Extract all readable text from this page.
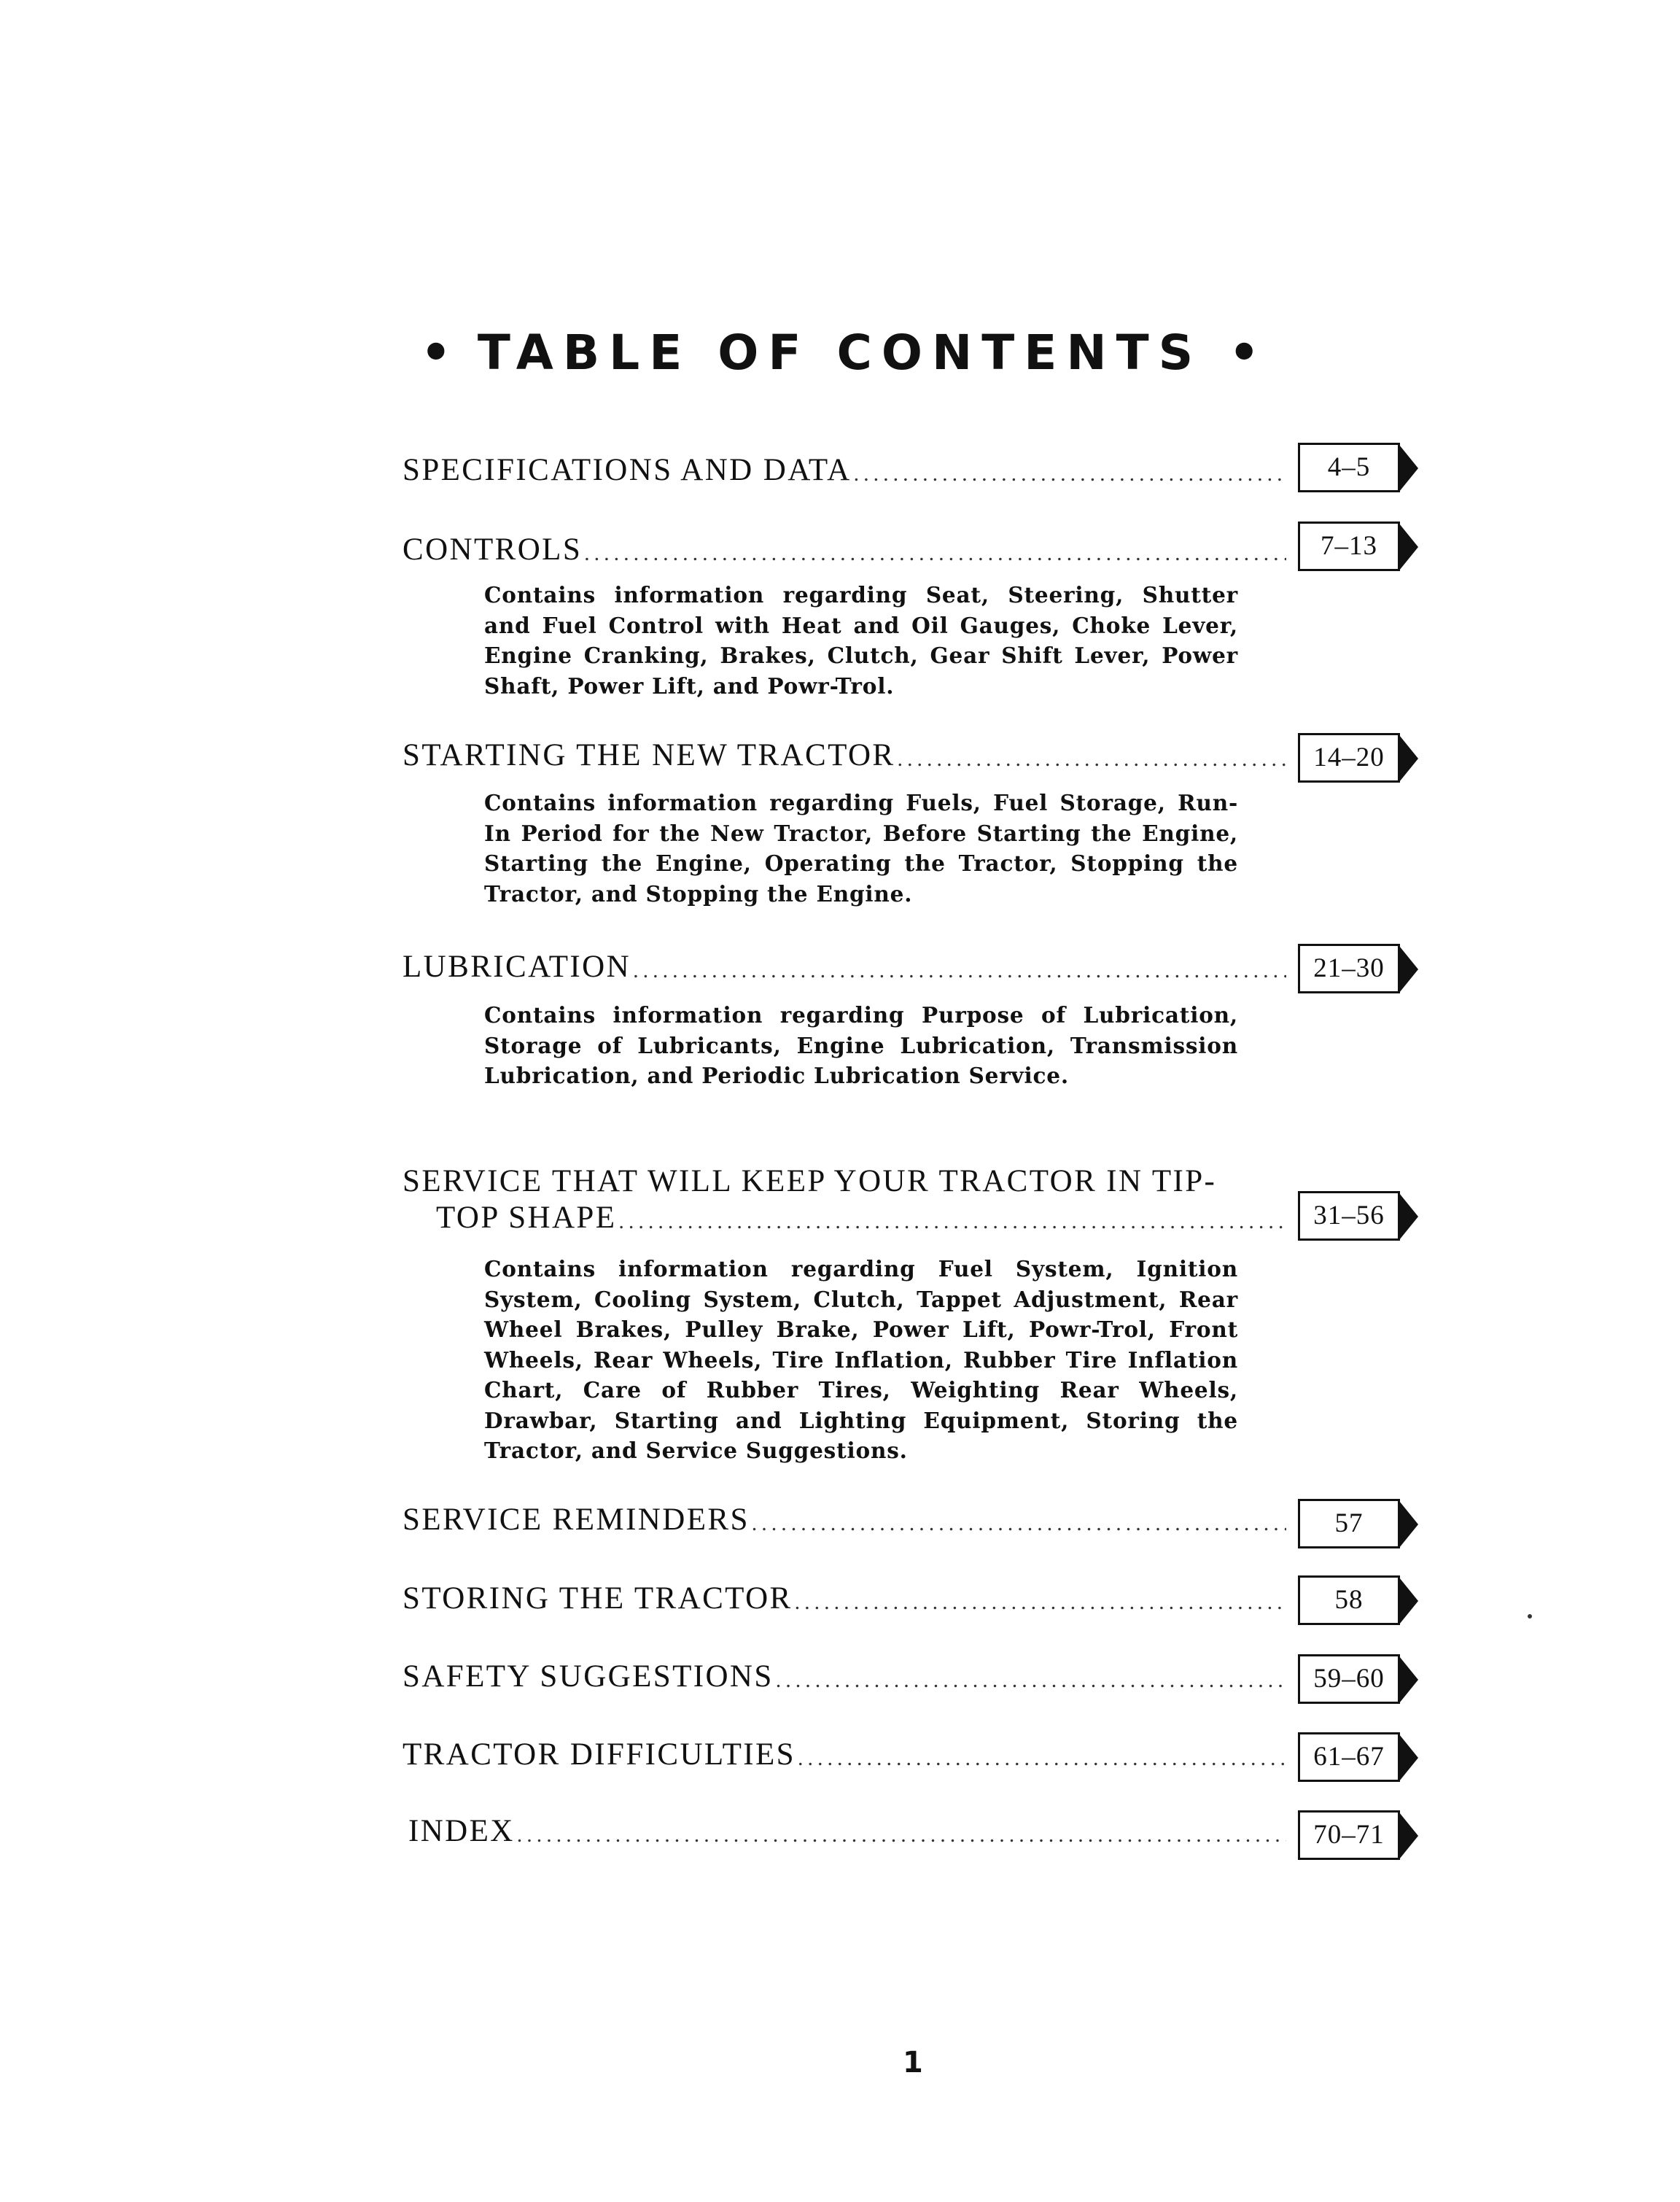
• TABLE OF CONTENTS •
SPECIFICATIONS AND DATA .....	4–5
CONTROLS .....	7–13
Contains information regarding Seat, Steering, Shutter and Fuel Control with Heat and Oil Gauges, Choke Lever, Engine Cranking, Brakes, Clutch, Gear Shift Lever, Power Shaft, Power Lift, and Powr-Trol.
STARTING THE NEW TRACTOR .....	14–20
Contains information regarding Fuels, Fuel Storage, Run-In Period for the New Tractor, Before Starting the Engine, Starting the Engine, Operating the Tractor, Stopping the Tractor, and Stopping the Engine.
LUBRICATION .....	21–30
Contains information regarding Purpose of Lubrication, Storage of Lubricants, Engine Lubrication, Transmission Lubrication, and Periodic Lubrication Service.
SERVICE THAT WILL KEEP YOUR TRACTOR IN TIP-
TOP SHAPE .....	31–56
Contains information regarding Fuel System, Ignition System, Cooling System, Clutch, Tappet Adjustment, Rear Wheel Brakes, Pulley Brake, Power Lift, Powr-Trol, Front Wheels, Rear Wheels, Tire Inflation, Rubber Tire Inflation Chart, Care of Rubber Tires, Weighting Rear Wheels, Drawbar, Starting and Lighting Equipment, Storing the Tractor, and Service Suggestions.
SERVICE REMINDERS .....	57
STORING THE TRACTOR .....	58
SAFETY SUGGESTIONS .....	59–60
TRACTOR DIFFICULTIES .....	61–67
INDEX .....	70–71
1
